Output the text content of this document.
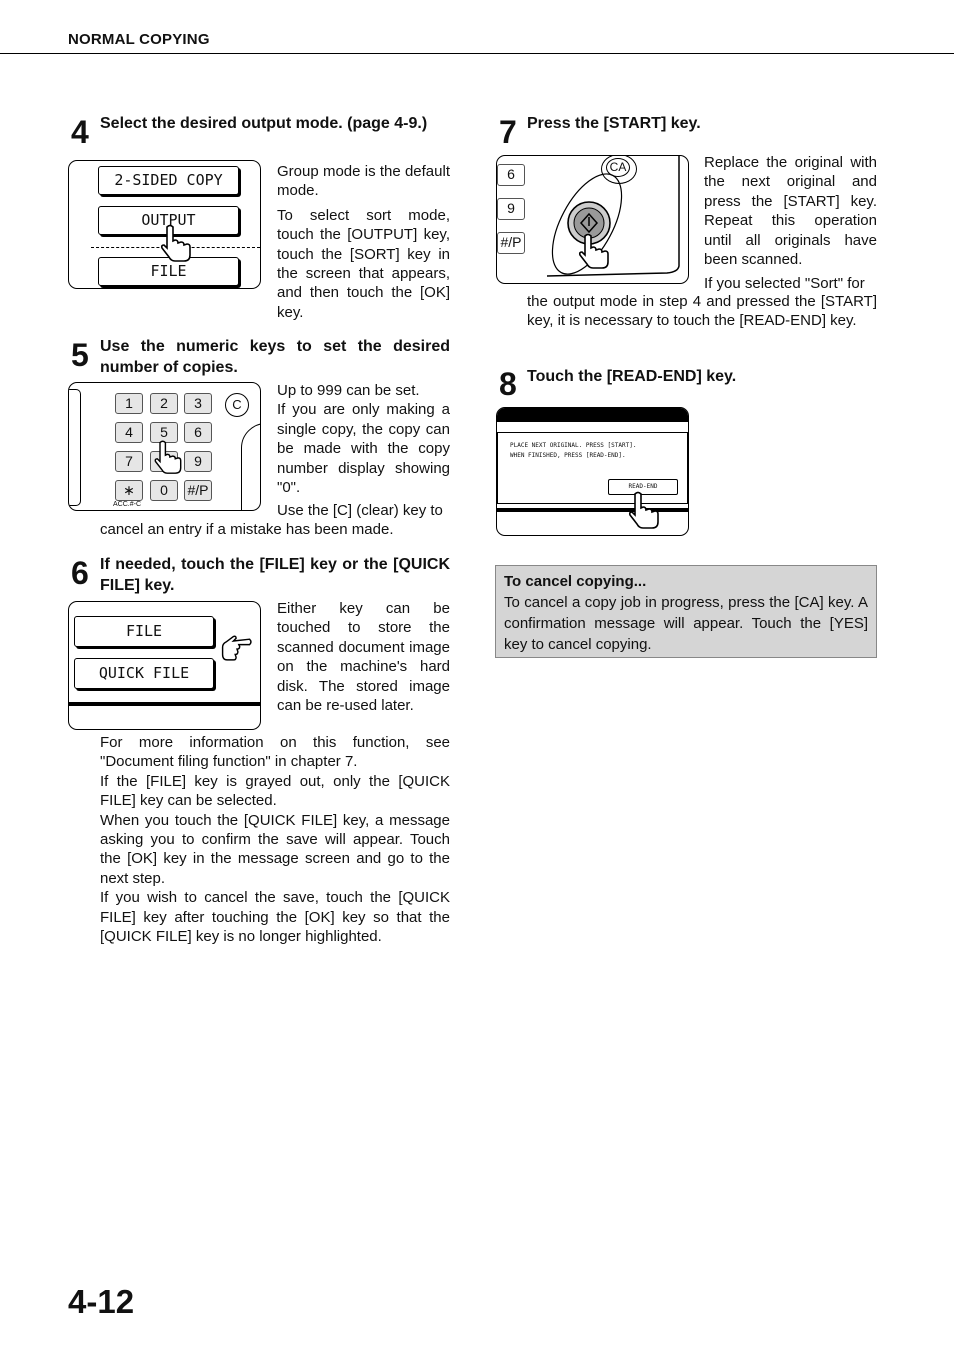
NORMAL COPYING
4 Select the desired output mode. (page 4-9.)
2-SIDED COPY
OUTPUT
FILE

Group mode is the default mode.

To select sort mode, touch the [OUTPUT] key, touch the [SORT] key in the screen that appears, and then touch the [OK] key.

5 Use the numeric keys to set the desired number of copies.
1	2	3
4	5	6
7	9
∗	0	#/P
ACC.#-C
C

Up to 999 can be set.

If you are only making a single copy, the copy can be made with the copy number display showing "0".

Use the [C] (clear) key to

cancel an entry if a mistake has been made.
6 If needed, touch the [FILE] key or the [QUICK FILE] key.
FILE
QUICK FILE
Either key can be touched to store the scanned document image on the machine's hard disk. The stored image can be re-used later.

For more information on this function, see "Document filing function" in chapter 7.

If the [FILE] key is grayed out, only the [QUICK FILE] key can be selected.

When you touch the [QUICK FILE] key, a message asking you to confirm the save will appear. Touch the [OK] key in the message screen and go to the next step.

If you wish to cancel the save, touch the [QUICK FILE] key after touching the [OK] key so that the [QUICK FILE] key is no longer highlighted.

7 Press the [START] key.
6
9
#/P
CA	Replace the original with the next original and press the [START] key. Repeat this operation until all originals have been scanned.

If you selected "Sort" for

the output mode in step 4 and pressed the [START] key, it is necessary to touch the [READ-END] key.
8 Touch the [READ-END] key.
PLACE NEXT ORIGINAL. PRESS [START].
WHEN FINISHED, PRESS [READ-END].
READ-END
To cancel copying...
To cancel a copy job in progress, press the [CA] key. A confirmation message will appear. Touch the [YES] key to cancel copying.
4-12
